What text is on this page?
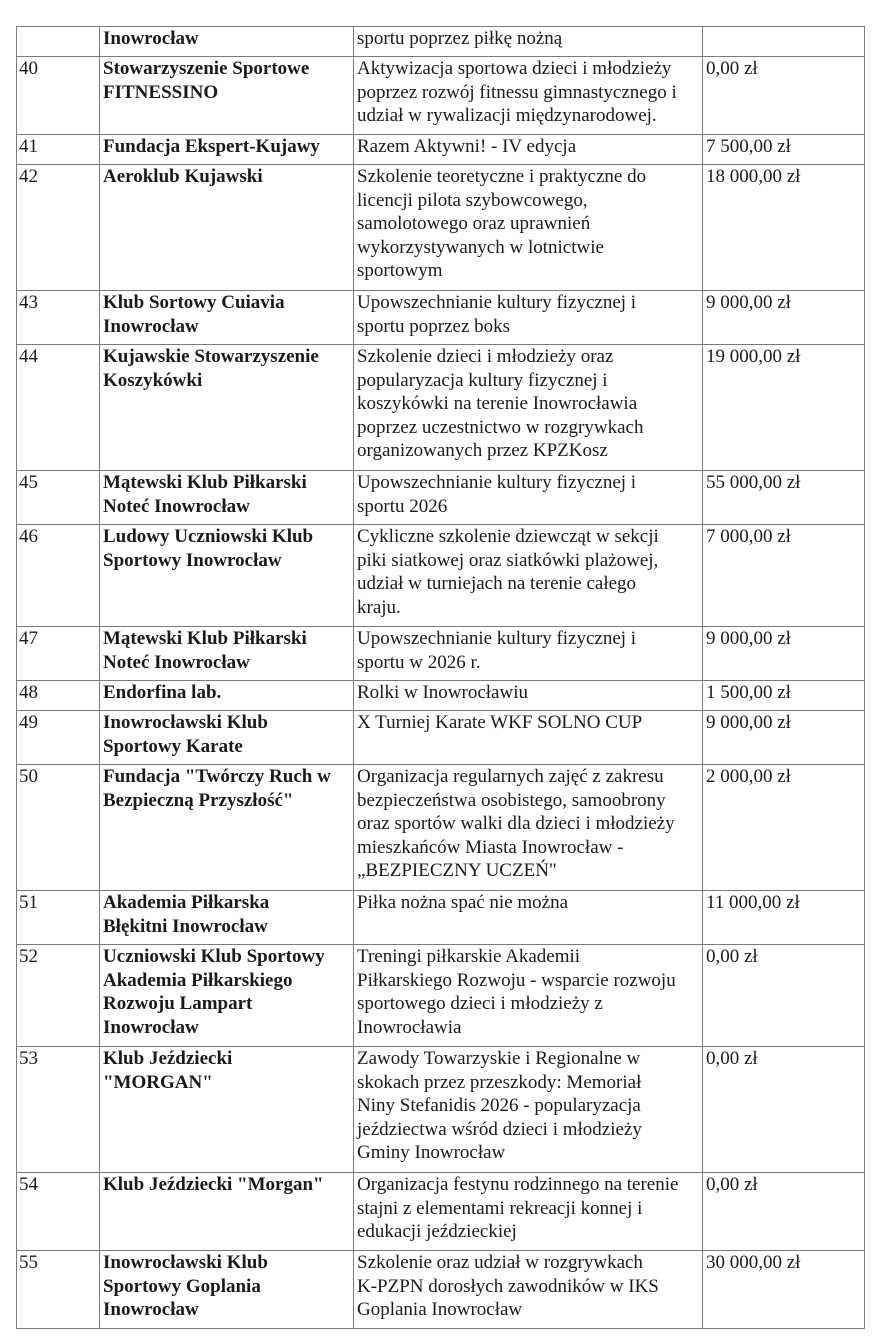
	Inowrocław	sportu poprzez piłkę nożną	

40	Stowarzyszenie Sportowe
FITNESSINO	Aktywizacja sportowa dzieci i młodzieży
poprzez rozwój fitnessu gimnastycznego i
udział w rywalizacji międzynarodowej.	0,00 zł
41	Fundacja Ekspert-Kujawy	Razem Aktywni! - IV edycja	7 500,00 zł
42	Aeroklub Kujawski	Szkolenie teoretyczne i praktyczne do
licencji pilota szybowcowego,
samolotowego oraz uprawnień
wykorzystywanych w lotnictwie
sportowym	18 000,00 zł
43	Klub Sortowy Cuiavia
Inowrocław	Upowszechnianie kultury fizycznej i
sportu poprzez boks	9 000,00 zł
44	Kujawskie Stowarzyszenie
Koszykówki	Szkolenie dzieci i młodzieży oraz
popularyzacja kultury fizycznej i
koszykówki na terenie Inowrocławia
poprzez uczestnictwo w rozgrywkach
organizowanych przez KPZKosz	19 000,00 zł
45	Mątewski Klub Piłkarski
Noteć Inowrocław	Upowszechnianie kultury fizycznej i
sportu 2026	55 000,00 zł
46	Ludowy Uczniowski Klub
Sportowy Inowrocław	Cykliczne szkolenie dziewcząt w sekcji
piki siatkowej oraz siatkówki plażowej,
udział w turniejach na terenie całego
kraju.	7 000,00 zł
47	Mątewski Klub Piłkarski
Noteć Inowrocław	Upowszechnianie kultury fizycznej i
sportu w 2026 r.	9 000,00 zł
48	Endorfina lab.	Rolki w Inowrocławiu	1 500,00 zł
49	Inowrocławski Klub
Sportowy Karate	X Turniej Karate WKF SOLNO CUP	9 000,00 zł
50	Fundacja "Twórczy Ruch w
Bezpieczną Przyszłość"	Organizacja regularnych zajęć z zakresu
bezpieczeństwa osobistego, samoobrony
oraz sportów walki dla dzieci i młodzieży
mieszkańców Miasta Inowrocław -
„BEZPIECZNY UCZEŃ"	2 000,00 zł
51	Akademia Piłkarska
Błękitni Inowrocław	Piłka nożna spać nie można	11 000,00 zł
52	Uczniowski Klub Sportowy
Akademia Piłkarskiego
Rozwoju Lampart
Inowrocław	Treningi piłkarskie Akademii
Piłkarskiego Rozwoju - wsparcie rozwoju
sportowego dzieci i młodzieży z
Inowrocławia	0,00 zł
53	Klub Jeździecki
"MORGAN"	Zawody Towarzyskie i Regionalne w
skokach przez przeszkody: Memoriał
Niny Stefanidis 2026 - popularyzacja
jeździectwa wśród dzieci i młodzieży
Gminy Inowrocław	0,00 zł
54	Klub Jeździecki "Morgan"	Organizacja festynu rodzinnego na terenie
stajni z elementami rekreacji konnej i
edukacji jeździeckiej	0,00 zł
55	Inowrocławski Klub
Sportowy Goplania
Inowrocław	Szkolenie oraz udział w rozgrywkach
K-PZPN dorosłych zawodników w IKS
Goplania Inowrocław	30 000,00 zł
